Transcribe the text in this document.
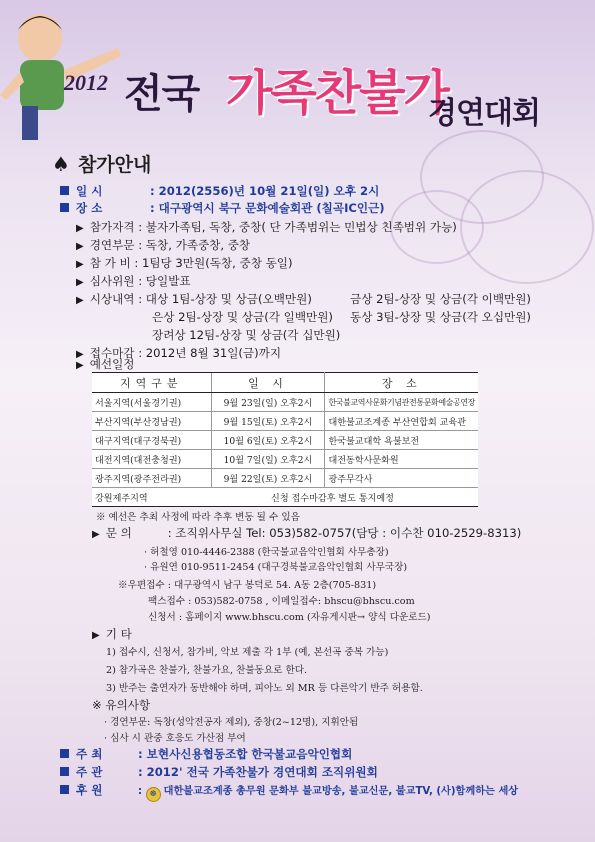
2012 전국 가족찬불가
경연대회
♠ 참가안내
일 시	: 2012(2556)년 10월 21일(일) 오후 2시
장 소	: 대구광역시 북구 문화예술회관 (칠곡IC인근)
▶ 참가자격 : 불자가족팀, 독창, 중창( 단 가족범위는 민법상 친족범위 가능)
▶ 경연부문 : 독창, 가족중창, 중창
▶ 참 가 비 : 1팀당 3만원(독창, 중창 동일)
▶ 심사위원 : 당일발표
▶ 시상내역 : 대상 1팀-상장 및 상금(오백만원)	금상 2팀-상장 및 상금(각 이백만원)
은상 2팀-상장 및 상금(각 일백만원) 동상 3팀-상장 및 상금(각 오십만원)
장려상 12팀-상장 및 상금(각 십만원)
▶ 접수마감 : 2012년 8월 31일(금)까지
▶ 예선일정
지역구분	일 시	장 소
서울지역(서울경기권)	9월 23일(일) 오후2시	한국불교역사문화기념관전통문화예술공연장
부산지역(부산경남권)	9월 15일(토) 오후2시	대한불교조계종 부산연합회 교육관
대구지역(대구경북권)	10월 6일(토) 오후2시	한국불교대학 욕불보전
대전지역(대전충청권)	10월 7일(일) 오후2시	대전동학사문화원
광주지역(광주전라권)	9월 22일(토) 오후2시	광주무각사
강원제주지역	신청 접수마감후 별도 통지예정	
※ 예선은 추최 사정에 따라 추후 변동 될 수 있음
▶ 문 의	: 조직위사무실 Tel: 053)582-0757(담당 : 이수찬 010-2529-8313)
· 허철영 010-4446-2388 (한국불교음악인협회 사무총장)
· 유원연 010-9511-2454 (대구경북불교음악인협회 사무국장)
※우편접수 : 대구광역시 남구 봉덕로 54. A동 2층(705-831)
팩스접수 : 053)582-0758 , 이메일접수: bhscu@bhscu.com
신청서 : 홈페이지 www.bhscu.com (자유게시판→ 양식 다운로드)
▶ 기 타
1) 접수시, 신청서, 참가비, 악보 제출 각 1부 (예, 본선곡 중복 가능)
2) 참가곡은 찬불가, 찬불가요, 찬불동요로 한다.
3) 반주는 출연자가 동반해야 하며, 피아노 외 MR 등 다른악기 반주 허용함.
※ 유의사항
· 경연부문: 독창(성악전공자 제외), 중창(2~12명), 지휘안됨
· 심사 시 관중 호응도 가산점 부여
주 최	: 보현사신용협동조합 한국불교음악인협회
주 관	: 2012' 전국 가족찬불가 경연대회 조직위원회
후 원	: ☸ 대한불교조계종 총무원 문화부 불교방송, 불교신문, 불교TV, (사)함께하는 세상
